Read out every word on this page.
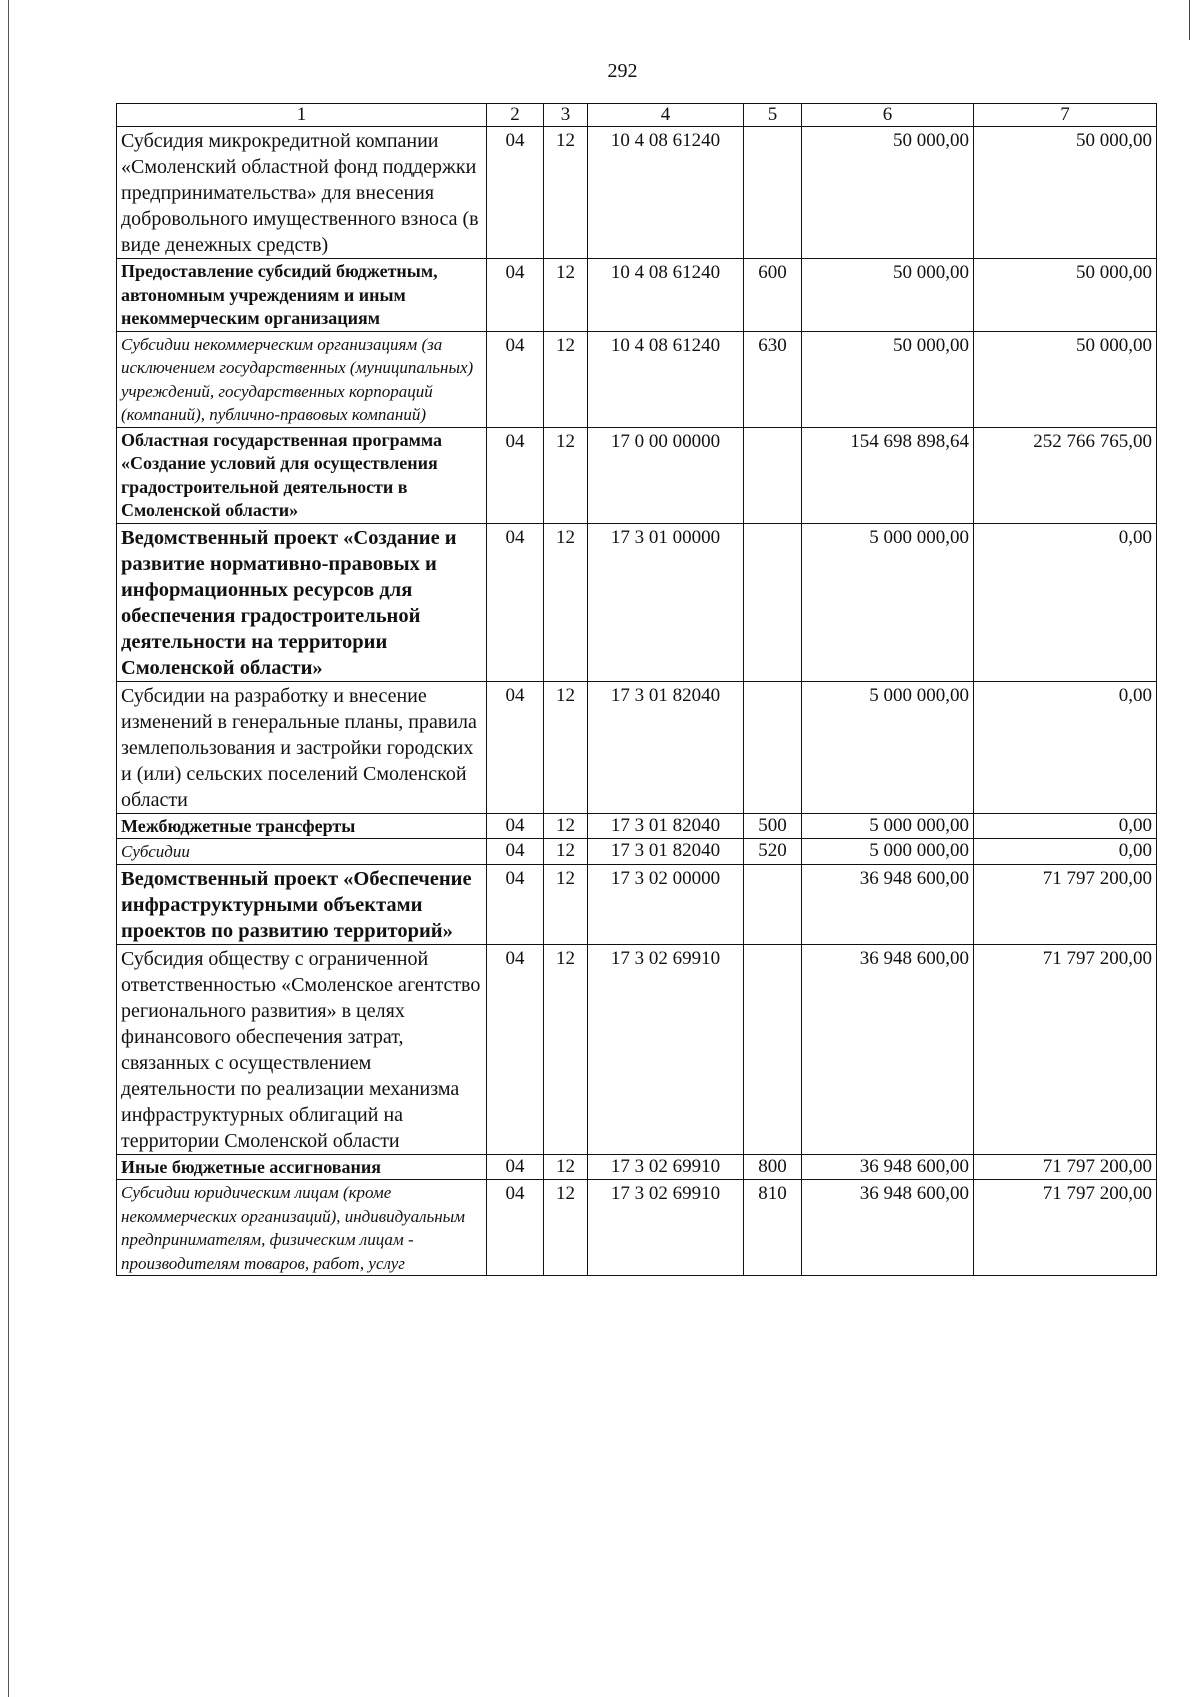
292
1	2	3	4	5	6	7
Субсидия микрокредитной компании «Смоленский областной фонд поддержки предпринимательства» для внесения добровольного имущественного взноса (в виде денежных средств)	04	12	10 4 08 61240		50 000,00	50 000,00
Предоставление субсидий бюджетным, автономным учреждениям и иным некоммерческим организациям	04	12	10 4 08 61240	600	50 000,00	50 000,00
Субсидии некоммерческим организациям (за исключением государственных (муниципальных) учреждений, государственных корпораций (компаний), публично-правовых компаний)	04	12	10 4 08 61240	630	50 000,00	50 000,00
Областная государственная программа «Создание условий для осуществления градостроительной деятельности в Смоленской области»	04	12	17 0 00 00000		154 698 898,64	252 766 765,00
Ведомственный проект «Создание и развитие нормативно-правовых и информационных ресурсов для обеспечения градостроительной деятельности на территории Смоленской области»	04	12	17 3 01 00000		5 000 000,00	0,00
Субсидии на разработку и внесение изменений в генеральные планы, правила землепользования и застройки городских и (или) сельских поселений Смоленской области	04	12	17 3 01 82040		5 000 000,00	0,00
Межбюджетные трансферты	04	12	17 3 01 82040	500	5 000 000,00	0,00
Субсидии	04	12	17 3 01 82040	520	5 000 000,00	0,00
Ведомственный проект «Обеспечение инфраструктурными объектами проектов по развитию территорий»	04	12	17 3 02 00000		36 948 600,00	71 797 200,00
Субсидия обществу с ограниченной ответственностью «Смоленское агентство регионального развития» в целях финансового обеспечения затрат, связанных с осуществлением деятельности по реализации механизма инфраструктурных облигаций на территории Смоленской области	04	12	17 3 02 69910		36 948 600,00	71 797 200,00
Иные бюджетные ассигнования	04	12	17 3 02 69910	800	36 948 600,00	71 797 200,00
Субсидии юридическим лицам (кроме некоммерческих организаций), индивидуальным предпринимателям, физическим лицам - производителям товаров, работ, услуг	04	12	17 3 02 69910	810	36 948 600,00	71 797 200,00
